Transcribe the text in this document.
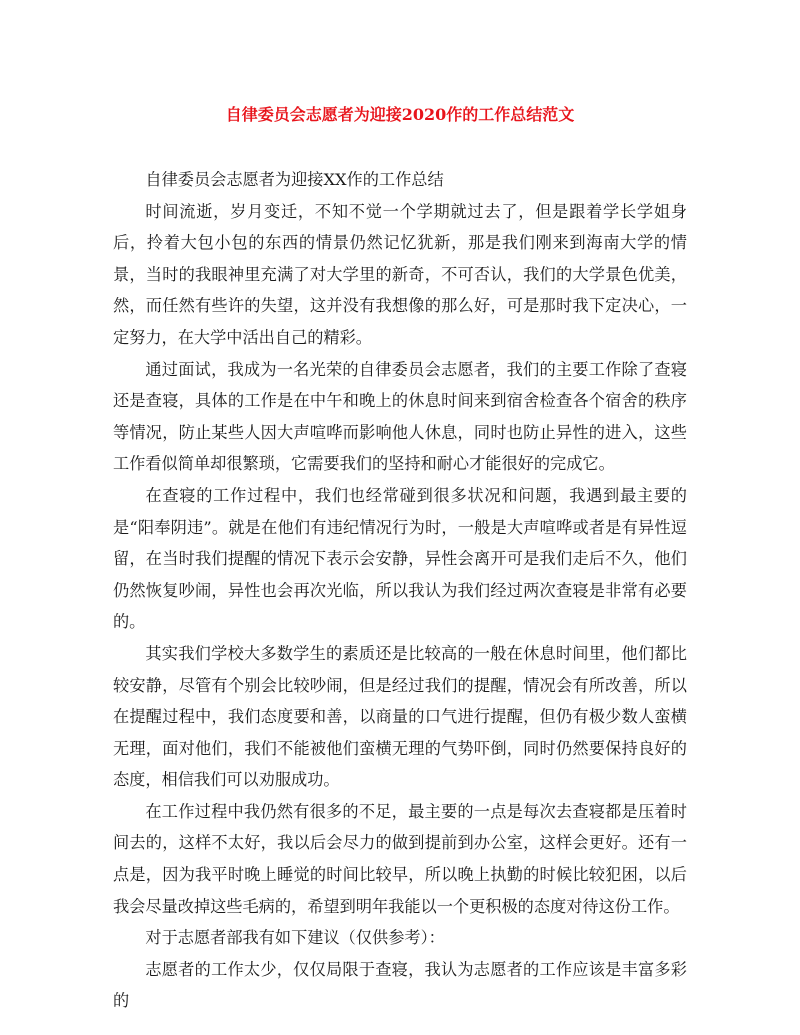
自律委员会志愿者为迎接2020作的工作总结范文

自律委员会志愿者为迎接XX作的工作总结

时间流逝，岁月变迁，不知不觉一个学期就过去了，但是跟着学长学姐身后，拎着大包小包的东西的情景仍然记忆犹新，那是我们刚来到海南大学的情景，当时的我眼神里充满了对大学里的新奇，不可否认，我们的大学景色优美，然，而任然有些许的失望，这并没有我想像的那么好，可是那时我下定决心，一定努力，在大学中活出自己的精彩。

通过面试，我成为一名光荣的自律委员会志愿者，我们的主要工作除了查寝还是查寝，具体的工作是在中午和晚上的休息时间来到宿舍检查各个宿舍的秩序等情况，防止某些人因大声喧哗而影响他人休息，同时也防止异性的进入，这些工作看似简单却很繁琐，它需要我们的坚持和耐心才能很好的完成它。

在查寝的工作过程中，我们也经常碰到很多状况和问题，我遇到最主要的是“阳奉阴违”。就是在他们有违纪情况行为时，一般是大声喧哗或者是有异性逗留，在当时我们提醒的情况下表示会安静，异性会离开可是我们走后不久，他们仍然恢复吵闹，异性也会再次光临，所以我认为我们经过两次查寝是非常有必要的。

其实我们学校大多数学生的素质还是比较高的一般在休息时间里，他们都比较安静，尽管有个别会比较吵闹，但是经过我们的提醒，情况会有所改善，所以在提醒过程中，我们态度要和善，以商量的口气进行提醒，但仍有极少数人蛮横无理，面对他们，我们不能被他们蛮横无理的气势吓倒，同时仍然要保持良好的态度，相信我们可以劝服成功。

在工作过程中我仍然有很多的不足，最主要的一点是每次去查寝都是压着时间去的，这样不太好，我以后会尽力的做到提前到办公室，这样会更好。还有一点是，因为我平时晚上睡觉的时间比较早，所以晚上执勤的时候比较犯困，以后我会尽量改掉这些毛病的，希望到明年我能以一个更积极的态度对待这份工作。

对于志愿者部我有如下建议（仅供参考）：

志愿者的工作太少，仅仅局限于查寝，我认为志愿者的工作应该是丰富多彩的
